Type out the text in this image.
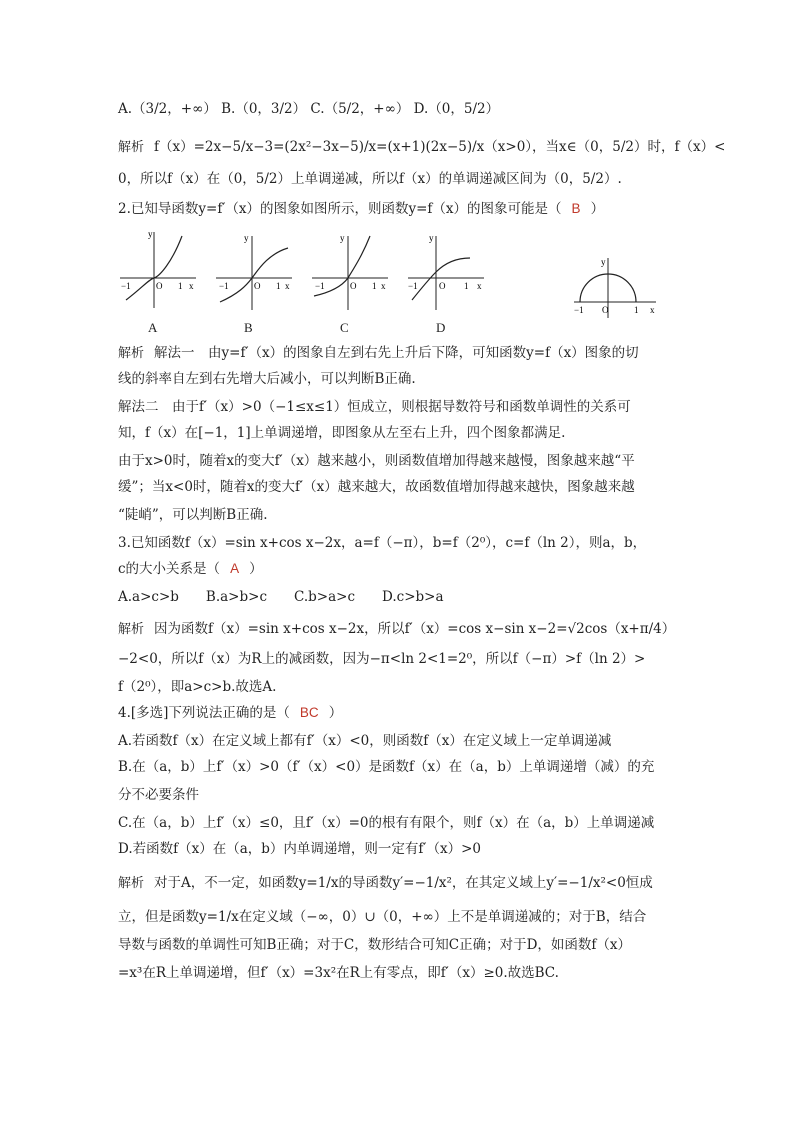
A.（3/2，+∞） B.（0，3/2） C.（5/2，+∞） D.（0，5/2）
解析 f（x）=2x−5/x−3=(2x²−3x−5)/x=(x+1)(2x−5)/x（x>0），当x∈（0，5/2）时，f（x）<
0，所以f（x）在（0，5/2）上单调递减，所以f（x）的单调递减区间为（0，5/2）.
2.已知导函数y=f′（x）的图象如图所示，则函数y=f（x）的图象可能是（ B ）
y
x
−1	O 1
A
y
x
−1	O 1
B
y
x
−1	O 1
C
y
x
−1 O 1
D
y
x
−1 O	1
解析 解法一　由y=f′（x）的图象自左到右先上升后下降，可知函数y=f（x）图象的切
线的斜率自左到右先增大后减小，可以判断B正确.
解法二　由于f′（x）>0（−1≤x≤1）恒成立，则根据导数符号和函数单调性的关系可
知，f（x）在[−1，1]上单调递增，即图象从左至右上升，四个图象都满足.
由于x>0时，随着x的变大f′（x）越来越小，则函数值增加得越来越慢，图象越来越“平
缓”；当x<0时，随着x的变大f′（x）越来越大，故函数值增加得越来越快，图象越来越
“陡峭”，可以判断B正确.
3.已知函数f（x）=sin x+cos x−2x，a=f（−π），b=f（2⁰），c=f（ln 2），则a，b，
c的大小关系是（ A ）
A.a>c>b　　B.a>b>c　　C.b>a>c　　D.c>b>a
解析 因为函数f（x）=sin x+cos x−2x，所以f′（x）=cos x−sin x−2=√2cos（x+π/4）
−2<0，所以f（x）为R上的减函数，因为−π<ln 2<1=2⁰，所以f（−π）>f（ln 2）>
f（2⁰），即a>c>b.故选A.
4.[多选]下列说法正确的是（ BC ）
A.若函数f（x）在定义域上都有f′（x）<0，则函数f（x）在定义域上一定单调递减
B.在（a，b）上f′（x）>0（f′（x）<0）是函数f（x）在（a，b）上单调递增（减）的充
分不必要条件
C.在（a，b）上f′（x）≤0，且f′（x）=0的根有有限个，则f（x）在（a，b）上单调递减
D.若函数f（x）在（a，b）内单调递增，则一定有f′（x）>0
解析 对于A，不一定，如函数y=1/x的导函数y′=−1/x²，在其定义域上y′=−1/x²<0恒成
立，但是函数y=1/x在定义域（−∞，0）∪（0，+∞）上不是单调递减的；对于B，结合
导数与函数的单调性可知B正确；对于C，数形结合可知C正确；对于D，如函数f（x）
=x³在R上单调递增，但f′（x）=3x²在R上有零点，即f′（x）≥0.故选BC.
